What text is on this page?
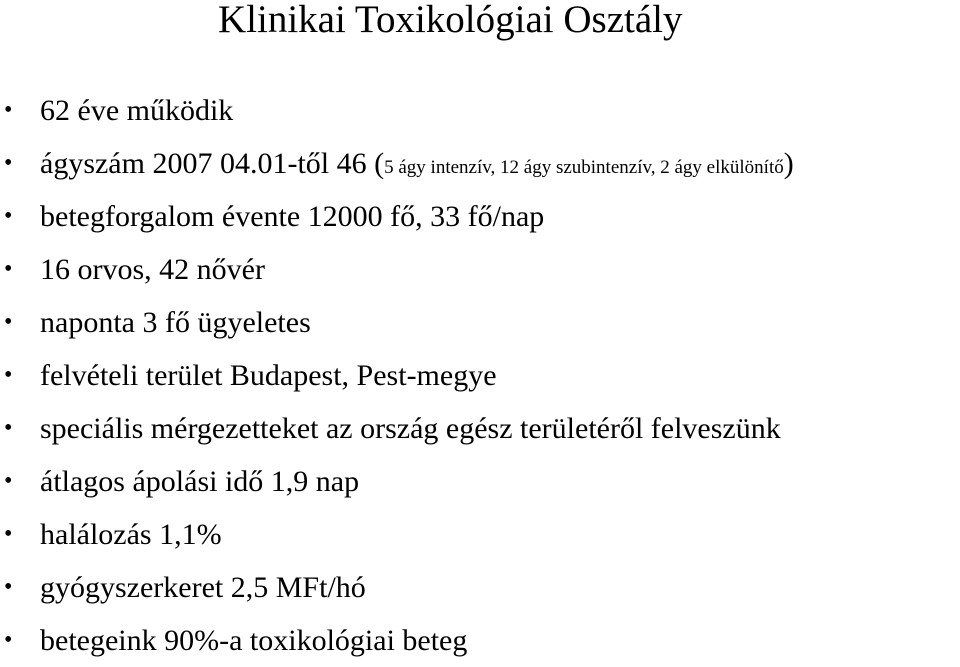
Klinikai Toxikológiai Osztály
• 62 éve működik
• ágyszám 2007 04.01-től 46 (5 ágy intenzív, 12 ágy szubintenzív, 2 ágy elkülönítő)
• betegforgalom évente 12000 fő, 33 fő/nap
• 16 orvos, 42 nővér
• naponta 3 fő ügyeletes
• felvételi terület Budapest, Pest-megye
• speciális mérgezetteket az ország egész területéről felveszünk
• átlagos ápolási idő 1,9 nap
• halálozás 1,1%
• gyógyszerkeret 2,5 MFt/hó
• betegeink 90%-a toxikológiai beteg
